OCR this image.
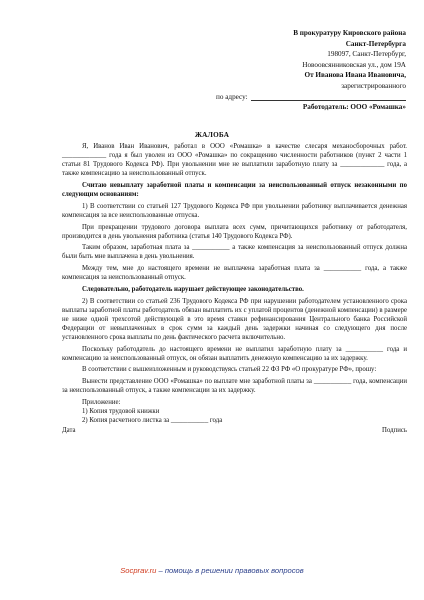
В прокуратуру Кировского района
Санкт-Петербурга
198097, Санкт-Петербург,
Новоовсянниковская ул., дом 19А
От Иванова Ивана Ивановича,
зарегистрированного
по адресу:
Работодатель: ООО «Ромашка»
ЖАЛОБА

Я, Иванов Иван Иванович, работал в ООО «Ромашка» в качестве слесаря механосборочных работ. _____________ года я был уволен из ООО «Ромашка» по сокращению численности работников (пункт 2 части 1 статьи 81 Трудового Кодекса РФ). При увольнении мне не выплатили заработную плату за _____________ года, а также компенсацию за неиспользованный отпуск.

Считаю невыплату заработной платы и компенсации за неиспользованный отпуск незаконными по следующим основаниям:

1) В соответствии со статьей 127 Трудового Кодекса РФ при увольнении работнику выплачивается денежная компенсация за все неиспользованные отпуска.

При прекращении трудового договора выплата всех сумм, причитающихся работнику от работодателя, производится в день увольнения работника (статья 140 Трудового Кодекса РФ).

Таким образом, заработная плата за ___________ а также компенсация за неиспользованный отпуск должна были быть мне выплачена в день увольнения.

Между тем, мне до настоящего времени не выплачена заработная плата за ___________ года, а также компенсация за неиспользованный отпуск.

Следовательно, работодатель нарушает действующее законодательство.

2) В соответствии со статьей 236 Трудового Кодекса РФ при нарушении работодателем установленного срока выплаты заработной платы работодатель обязан выплатить их с уплатой процентов (денежной компенсации) в размере не ниже одной трехсотой действующей в это время ставки рефинансирования Центрального банка Российской Федерации от невыплаченных в срок сумм за каждый день задержки начиная со следующего дня после установленного срока выплаты по день фактического расчета включительно.

Поскольку работодатель до настоящего времени не выплатил заработную плату за ___________ года и компенсацию за неиспользованный отпуск, он обязан выплатить денежную компенсацию за их задержку.

В соответствии с вышеизложенным и руководствуясь статьей 22 ФЗ РФ «О прокуратуре РФ», прошу:

Вынести представление ООО «Ромашка» по выплате мне заработной платы за ___________ года, компенсации за неиспользованный отпуск, а также компенсации за их задержку.

Приложение:
1) Копия трудовой книжки
2) Копия расчетного листка за ___________ года
Дата	Подпись
Socprav.ru – помощь в решении правовых вопросов
